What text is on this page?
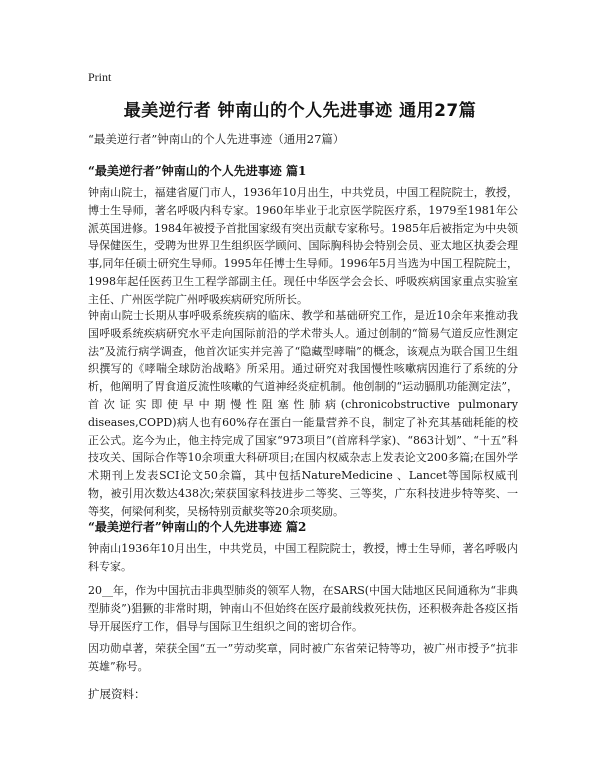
Print
最美逆行者 钟南山的个人先进事迹 通用27篇
“最美逆行者”钟南山的个人先进事迹（通用27篇）
“最美逆行者”钟南山的个人先进事迹 篇1
钟南山院士，福建省厦门市人，1936年10月出生，中共党员，中国工程院院士，教授，博士生导师，著名呼吸内科专家。1960年毕业于北京医学院医疗系，1979至1981年公派英国进修。1984年被授予首批国家级有突出贡献专家称号。1985年后被指定为中央领导保健医生，受聘为世界卫生组织医学顾问、国际胸科协会特别会员、亚太地区执委会理事,同年任硕士研究生导师。1995年任博士生导师。1996年5月当选为中国工程院院士，1998年起任医药卫生工程学部副主任。现任中华医学会会长、呼吸疾病国家重点实验室主任、广州医学院广州呼吸疾病研究所所长。
钟南山院士长期从事呼吸系统疾病的临床、教学和基础研究工作，是近10余年来推动我国呼吸系统疾病研究水平走向国际前沿的学术带头人。通过创制的“简易气道反应性测定法”及流行病学调查，他首次证实并完善了“隐藏型哮喘”的概念，该观点为联合国卫生组织撰写的《哮喘全球防治战略》所采用。通过研究对我国慢性咳嗽病因進行了系统的分析，他阐明了胃食道反流性咳嗽的气道神经炎症机制。他创制的“运动膈肌功能测定法”，首次证实即使早中期慢性阻塞性肺病(chronicobstructive pulmonary diseases,COPD)病人也有60%存在蛋白一能量营养不良，制定了补充其基础耗能的校正公式。迄今为止，他主持完成了国家“973项目”(首席科学家)、“863计划”、“十五”科技攻关、国际合作等10余项重大科研项目;在国内权威杂志上发表论文200多篇;在国外学术期刊上发表SCI论文50余篇，其中包括NatureMedicine 、Lancet等国际权威刊物，被引用次数达438次;荣获国家科技进步二等奖、三等奖，广东科技进步特等奖、一等奖，何梁何利奖，吴杨特别贡献奖等20余项奖励。
“最美逆行者”钟南山的个人先进事迹 篇2
钟南山1936年10月出生，中共党员，中国工程院院士，教授，博士生导师，著名呼吸内科专家。
20__年，作为中国抗击非典型肺炎的领军人物，在SARS(中国大陆地区民间通称为“非典型肺炎”)猖獗的非常时期，钟南山不但始终在医疗最前线救死扶伤，还积极奔赴各疫区指导开展医疗工作，倡导与国际卫生组织之间的密切合作。
因功勋卓著，荣获全国“五一”劳动奖章，同时被广东省荣记特等功，被广州市授予“抗非英雄”称号。
扩展资料：
